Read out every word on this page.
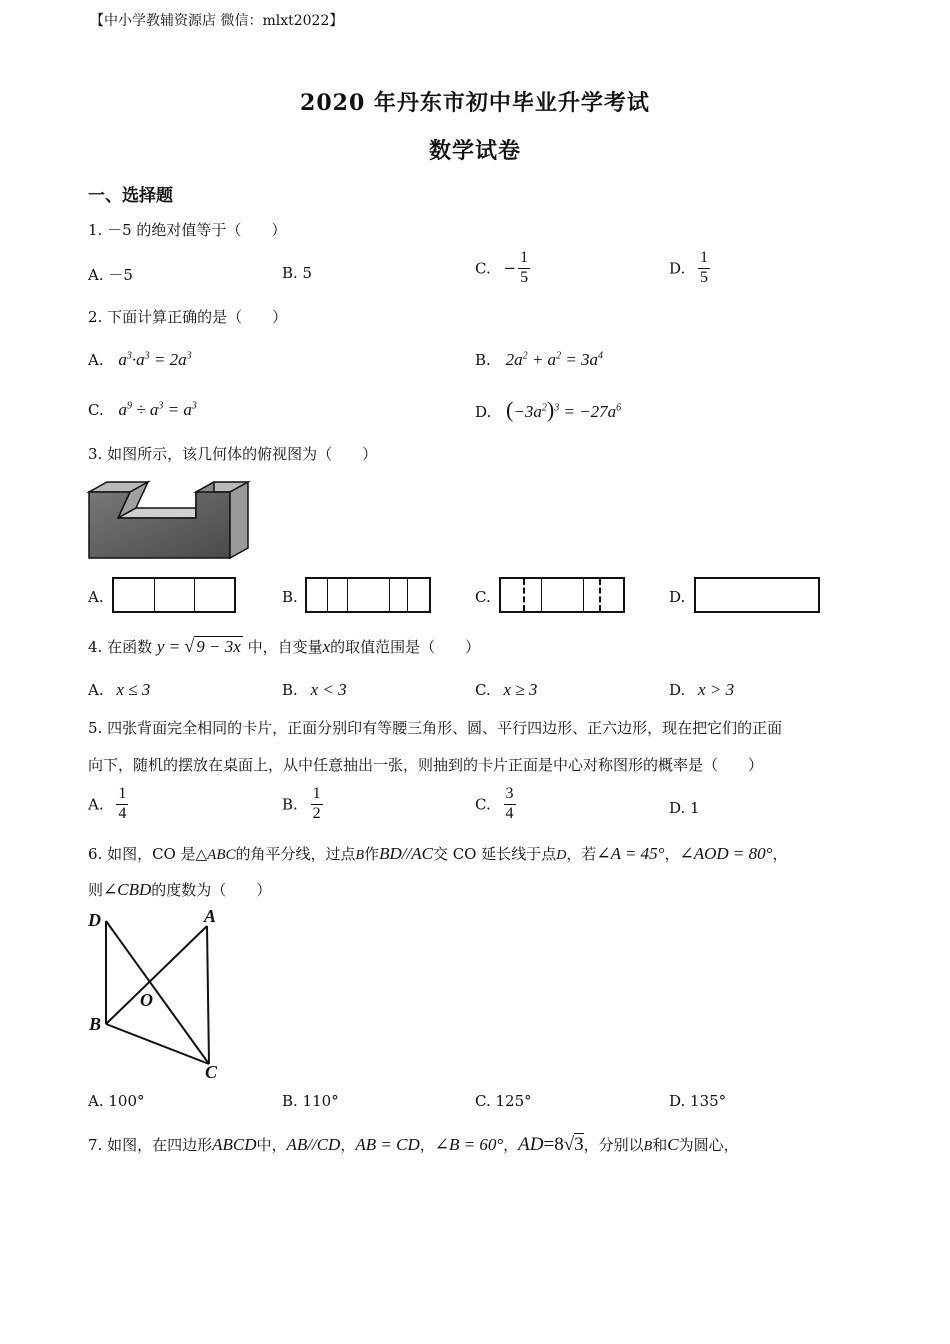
【中小学教辅资源店 微信：mlxt2022】
2020 年丹东市初中毕业升学考试
数学试卷
一、选择题
1. －5 的绝对值等于（　　）
A. －5	B. 5	C. − $\frac{1}{5}$	D. $\frac{1}{5}$
2. 下面计算正确的是（　　）
A. $a^3\cdot a^3 = 2a^3$	B. $2a^2 + a^2 = 3a^4$
C. $a^9 \div a^3 = a^3$	D. $(-3a^2)^3 = -27a^6$
3. 如图所示，该几何体的俯视图为（　　）
A.	B.	C.	D.
4. 在函数 y = √ 9 − 3x 中，自变量x的取值范围是（　　）
A. x ≤ 3	B. x < 3	C. x ≥ 3	D. x > 3
5. 四张背面完全相同的卡片，正面分别印有等腰三角形、圆、平行四边形、正六边形，现在把它们的正面
向下，随机的摆放在桌面上，从中任意抽出一张，则抽到的卡片正面是中心对称图形的概率是（　　）
A. $\frac{1}{4}$	B. $\frac{1}{2}$	C. $\frac{3}{4}$	D. 1
6. 如图，CO 是△ABC的角平分线，过点B作BD//AC交 CO 延长线于点D，若∠A = 45°，∠AOD = 80°，
则∠CBD的度数为（　　）
D	A
O
B
C
A. 100°	B. 110°	C. 125°	D. 135°
7. 如图，在四边形ABCD中，AB//CD，AB = CD，∠B = 60°，AD=8√3，分别以B和C为圆心，
